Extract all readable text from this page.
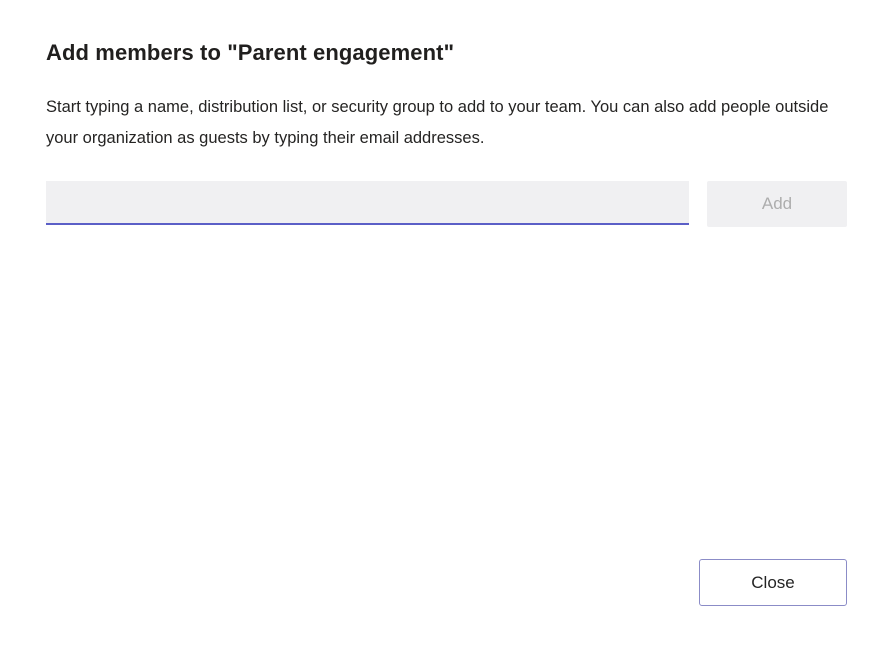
Add members to "Parent engagement"
Start typing a name, distribution list, or security group to add to your team. You can also add people outside your organization as guests by typing their email addresses.
Add
Close
